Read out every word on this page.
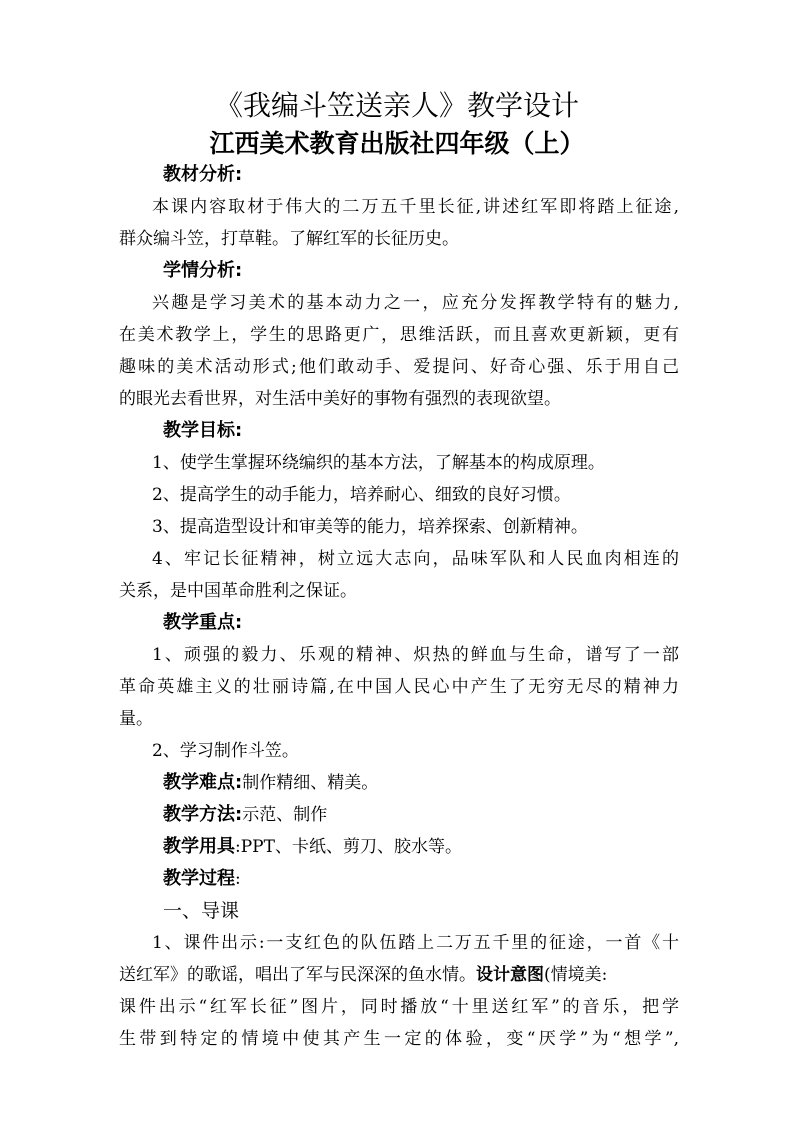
《我编斗笠送亲人》教学设计
江西美术教育出版社四年级（上）
教材分析:
本课内容取材于伟大的二万五千里长征,讲述红军即将踏上征途,
群众编斗笠，打草鞋。了解红军的长征历史。
学情分析:
兴趣是学习美术的基本动力之一，应充分发挥教学特有的魅力,
在美术教学上，学生的思路更广，思维活跃，而且喜欢更新颖，更有
趣味的美术活动形式;他们敢动手、爱提问、好奇心强、乐于用自己
的眼光去看世界，对生活中美好的事物有强烈的表现欲望。
教学目标:
1、使学生掌握环绕编织的基本方法，了解基本的构成原理。
2、提高学生的动手能力，培养耐心、细致的良好习惯。
3、提高造型设计和审美等的能力，培养探索、创新精神。
4、牢记长征精神，树立远大志向，品味军队和人民血肉相连的
关系，是中国革命胜利之保证。
教学重点:
1、顽强的毅力、乐观的精神、炽热的鲜血与生命，谱写了一部
革命英雄主义的壮丽诗篇,在中国人民心中产生了无穷无尽的精神力
量。
2、学习制作斗笠。
教学难点:制作精细、精美。
教学方法:示范、制作
教学用具:PPT、卡纸、剪刀、胶水等。
教学过程:
一、导课
1、课件出示:一支红色的队伍踏上二万五千里的征途，一首《十
送红军》的歌谣，唱出了军与民深深的鱼水情。设计意图(情境美:
课件出示“红军长征”图片，同时播放“十里送红军”的音乐，把学
生带到特定的情境中使其产生一定的体验，变“厌学”为“想学”,
